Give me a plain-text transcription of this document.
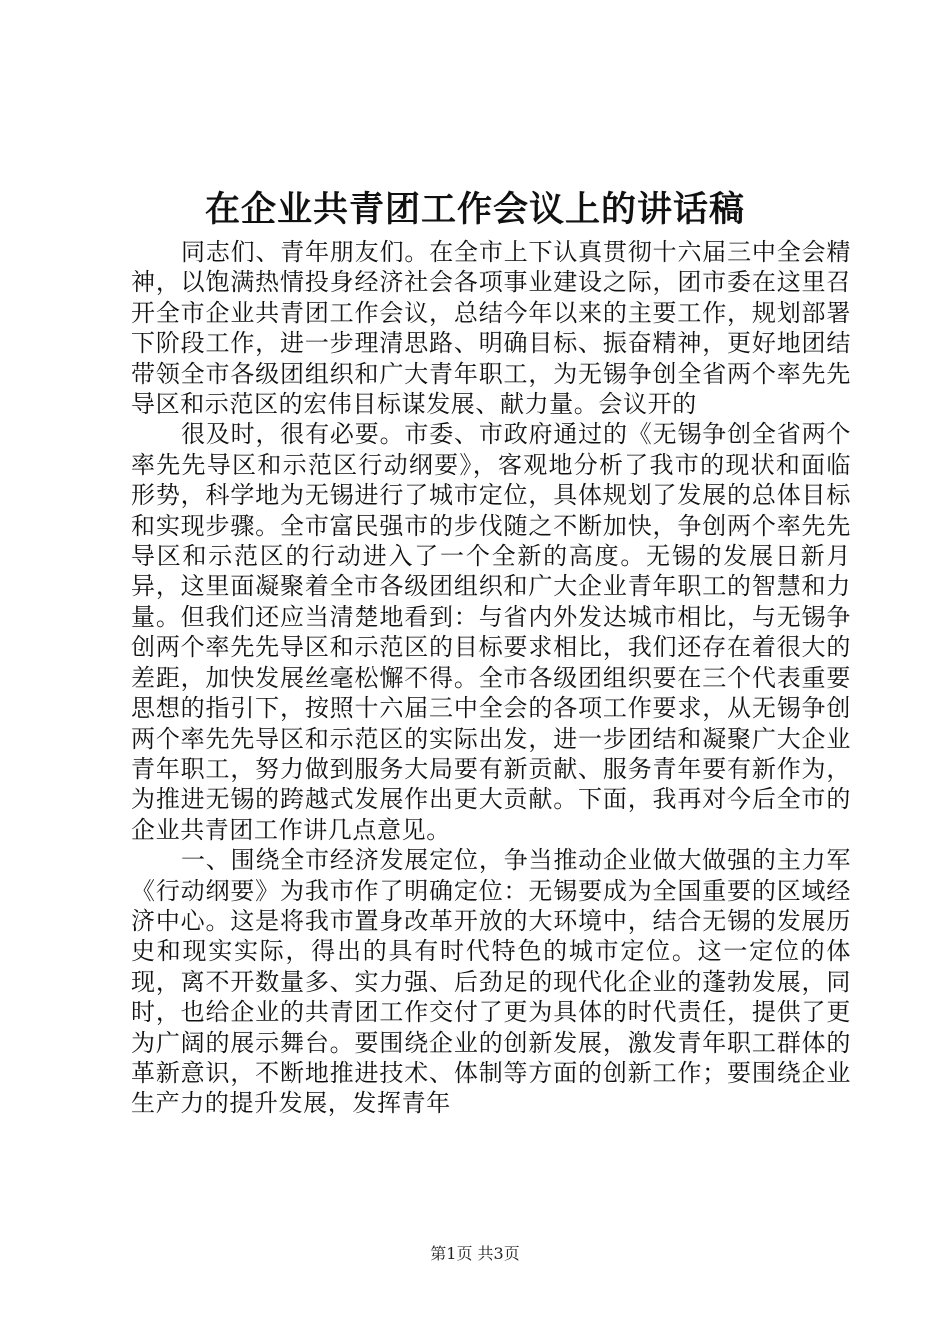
在企业共青团工作会议上的讲话稿

同志们、青年朋友们。在全市上下认真贯彻十六届三中全会精神，以饱满热情投身经济社会各项事业建设之际，团市委在这里召开全市企业共青团工作会议，总结今年以来的主要工作，规划部署下阶段工作，进一步理清思路、明确目标、振奋精神，更好地团结带领全市各级团组织和广大青年职工，为无锡争创全省两个率先先导区和示范区的宏伟目标谋发展、献力量。会议开的

很及时，很有必要。市委、市政府通过的《无锡争创全省两个率先先导区和示范区行动纲要》，客观地分析了我市的现状和面临形势，科学地为无锡进行了城市定位，具体规划了发展的总体目标和实现步骤。全市富民强市的步伐随之不断加快，争创两个率先先导区和示范区的行动进入了一个全新的高度。无锡的发展日新月异，这里面凝聚着全市各级团组织和广大企业青年职工的智慧和力量。但我们还应当清楚地看到：与省内外发达城市相比，与无锡争创两个率先先导区和示范区的目标要求相比，我们还存在着很大的差距，加快发展丝毫松懈不得。全市各级团组织要在三个代表重要思想的指引下，按照十六届三中全会的各项工作要求，从无锡争创两个率先先导区和示范区的实际出发，进一步团结和凝聚广大企业青年职工，努力做到服务大局要有新贡献、服务青年要有新作为，为推进无锡的跨越式发展作出更大贡献。下面，我再对今后全市的企业共青团工作讲几点意见。

一、围绕全市经济发展定位，争当推动企业做大做强的主力军《行动纲要》为我市作了明确定位：无锡要成为全国重要的区域经济中心。这是将我市置身改革开放的大环境中，结合无锡的发展历史和现实实际，得出的具有时代特色的城市定位。这一定位的体现，离不开数量多、实力强、后劲足的现代化企业的蓬勃发展，同时，也给企业的共青团工作交付了更为具体的时代责任，提供了更为广阔的展示舞台。要围绕企业的创新发展，激发青年职工群体的革新意识，不断地推进技术、体制等方面的创新工作；要围绕企业生产力的提升发展，发挥青年

第1页 共3页
